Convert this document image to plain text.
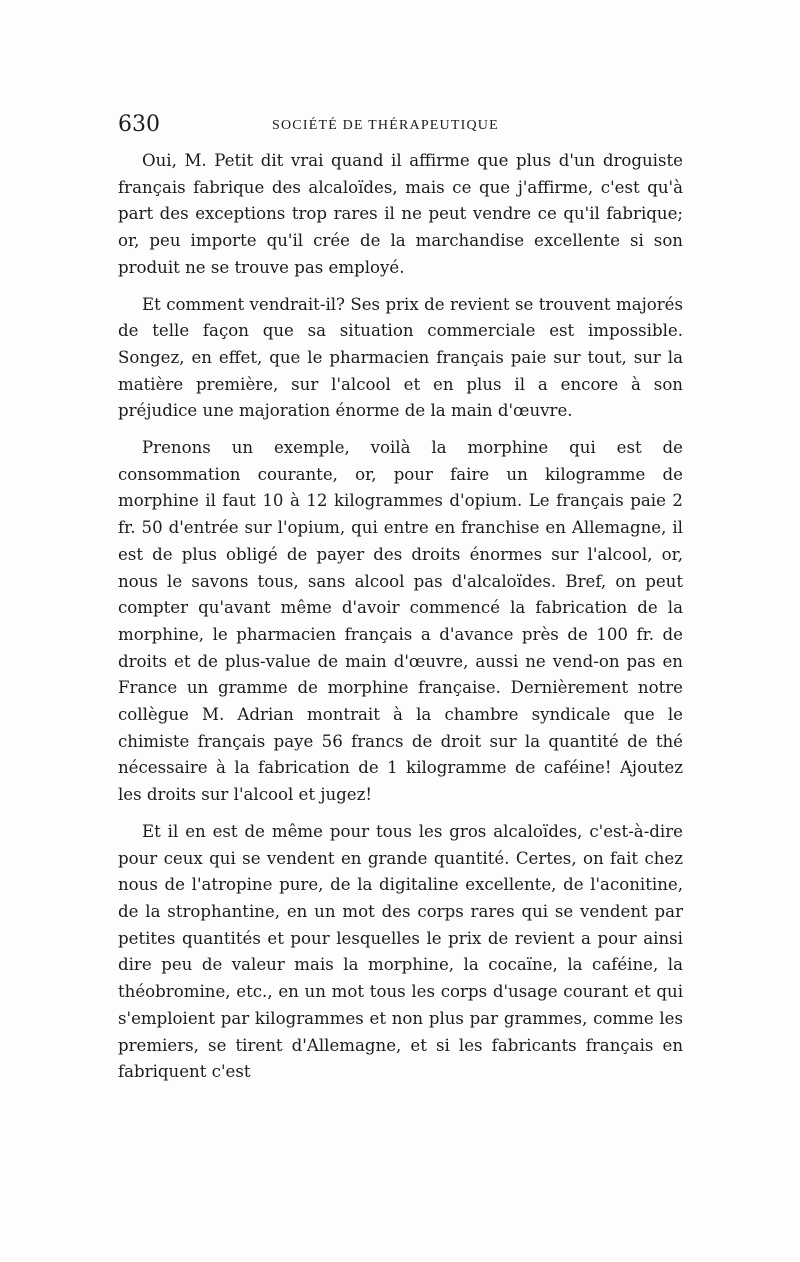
630	SOCIÉTÉ DE THÉRAPEUTIQUE

Oui, M. Petit dit vrai quand il affirme que plus d'un droguiste français fabrique des alcaloïdes, mais ce que j'affirme, c'est qu'à part des exceptions trop rares il ne peut vendre ce qu'il fabrique; or, peu importe qu'il crée de la marchandise excellente si son produit ne se trouve pas employé.

Et comment vendrait-il? Ses prix de revient se trouvent majorés de telle façon que sa situation commerciale est impossible. Songez, en effet, que le pharmacien français paie sur tout, sur la matière première, sur l'alcool et en plus il a encore à son préjudice une majoration énorme de la main d'œuvre.

Prenons un exemple, voilà la morphine qui est de consommation courante, or, pour faire un kilogramme de morphine il faut 10 à 12 kilogrammes d'opium. Le français paie 2 fr. 50 d'entrée sur l'opium, qui entre en franchise en Allemagne, il est de plus obligé de payer des droits énormes sur l'alcool, or, nous le savons tous, sans alcool pas d'alcaloïdes. Bref, on peut compter qu'avant même d'avoir commencé la fabrication de la morphine, le pharmacien français a d'avance près de 100 fr. de droits et de plus-value de main d'œuvre, aussi ne vend-on pas en France un gramme de morphine française. Dernièrement notre collègue M. Adrian montrait à la chambre syndicale que le chimiste français paye 56 francs de droit sur la quantité de thé nécessaire à la fabrication de 1 kilogramme de caféine! Ajoutez les droits sur l'alcool et jugez!

Et il en est de même pour tous les gros alcaloïdes, c'est-à-dire pour ceux qui se vendent en grande quantité. Certes, on fait chez nous de l'atropine pure, de la digitaline excellente, de l'aconitine, de la strophantine, en un mot des corps rares qui se vendent par petites quantités et pour lesquelles le prix de revient a pour ainsi dire peu de valeur mais la morphine, la cocaïne, la caféine, la théobromine, etc., en un mot tous les corps d'usage courant et qui s'emploient par kilogrammes et non plus par grammes, comme les premiers, se tirent d'Allemagne, et si les fabricants français en fabriquent c'est
